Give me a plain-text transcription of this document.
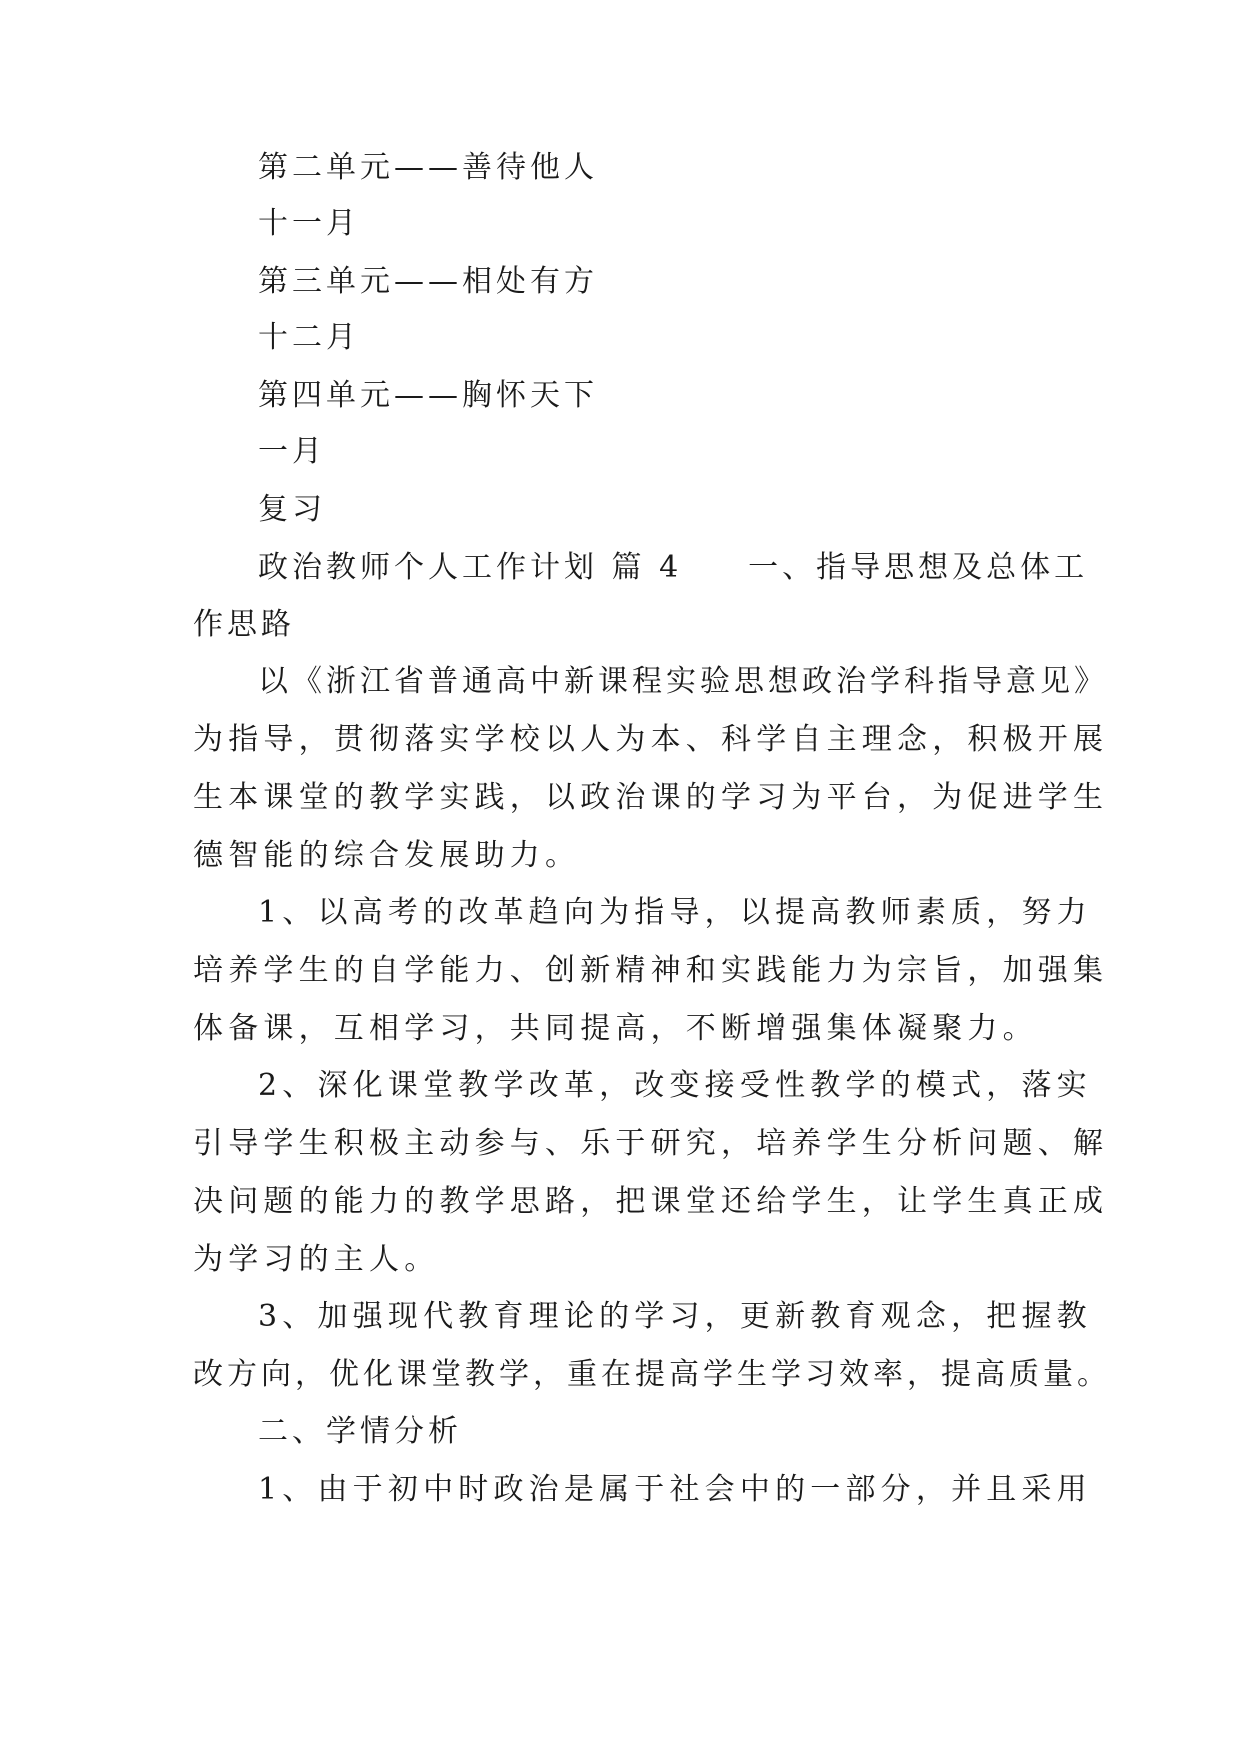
第二单元——善待他人
十一月
第三单元——相处有方
十二月
第四单元——胸怀天下
一月
复习
政治教师个人工作计划 篇 4 一、指导思想及总体工
作思路
以《浙江省普通高中新课程实验思想政治学科指导意见》
为指导，贯彻落实学校以人为本、科学自主理念，积极开展
生本课堂的教学实践，以政治课的学习为平台，为促进学生
德智能的综合发展助力。
1、以高考的改革趋向为指导，以提高教师素质，努力
培养学生的自学能力、创新精神和实践能力为宗旨，加强集
体备课，互相学习，共同提高，不断增强集体凝聚力。
2、深化课堂教学改革，改变接受性教学的模式，落实
引导学生积极主动参与、乐于研究，培养学生分析问题、解
决问题的能力的教学思路，把课堂还给学生，让学生真正成
为学习的主人。
3、加强现代教育理论的学习，更新教育观念，把握教
改方向，优化课堂教学，重在提高学生学习效率，提高质量。
二、学情分析
1、由于初中时政治是属于社会中的一部分，并且采用
